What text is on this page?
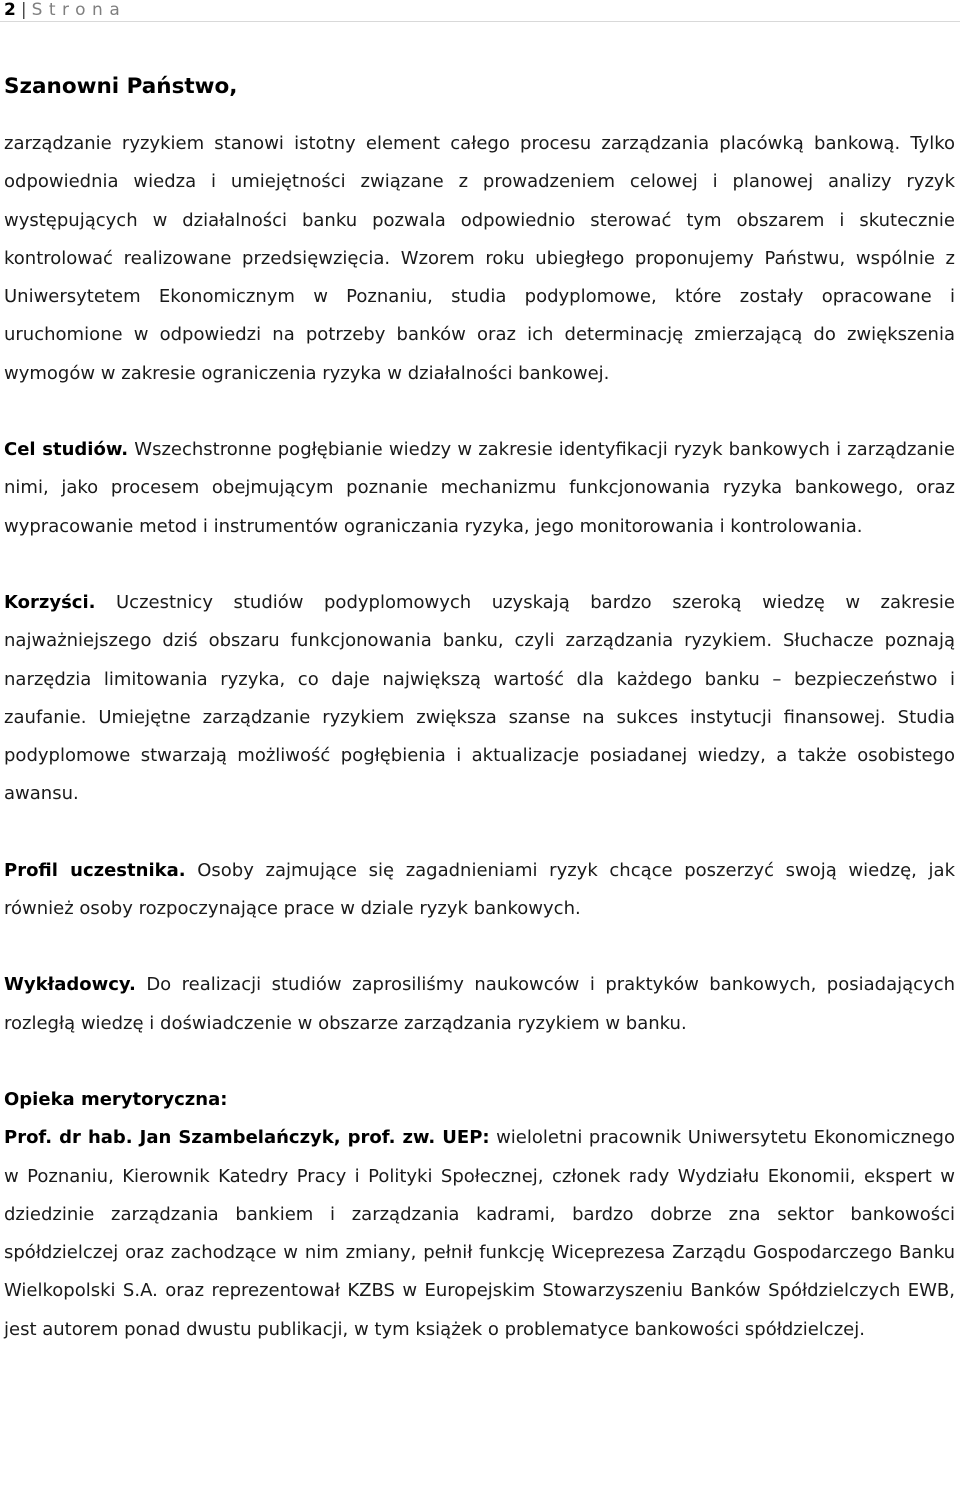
2 | Strona
Szanowni Państwo,

zarządzanie ryzykiem stanowi istotny element całego procesu zarządzania placówką bankową. Tylko odpowiednia wiedza i umiejętności związane z prowadzeniem celowej i planowej analizy ryzyk występujących w działalności banku pozwala odpowiednio sterować tym obszarem i skutecznie kontrolować realizowane przedsięwzięcia. Wzorem roku ubiegłego proponujemy Państwu, wspólnie z Uniwersytetem Ekonomicznym w Poznaniu, studia podyplomowe, które zostały opracowane i uruchomione w odpowiedzi na potrzeby banków oraz ich determinację zmierzającą do zwiększenia wymogów w zakresie ograniczenia ryzyka w działalności bankowej.

Cel studiów. Wszechstronne pogłębianie wiedzy w zakresie identyfikacji ryzyk bankowych i zarządzanie nimi, jako procesem obejmującym poznanie mechanizmu funkcjonowania ryzyka bankowego, oraz wypracowanie metod i instrumentów ograniczania ryzyka, jego monitorowania i kontrolowania.

Korzyści. Uczestnicy studiów podyplomowych uzyskają bardzo szeroką wiedzę w zakresie najważniejszego dziś obszaru funkcjonowania banku, czyli zarządzania ryzykiem. Słuchacze poznają narzędzia limitowania ryzyka, co daje największą wartość dla każdego banku – bezpieczeństwo i zaufanie. Umiejętne zarządzanie ryzykiem zwiększa szanse na sukces instytucji finansowej. Studia podyplomowe stwarzają możliwość pogłębienia i aktualizacje posiadanej wiedzy, a także osobistego awansu.

Profil uczestnika. Osoby zajmujące się zagadnieniami ryzyk chcące poszerzyć swoją wiedzę, jak również osoby rozpoczynające prace w dziale ryzyk bankowych.

Wykładowcy. Do realizacji studiów zaprosiliśmy naukowców i praktyków bankowych, posiadających rozległą wiedzę i doświadczenie w obszarze zarządzania ryzykiem w banku.

Opieka merytoryczna:

Prof. dr hab. Jan Szambelańczyk, prof. zw. UEP: wieloletni pracownik Uniwersytetu Ekonomicznego w Poznaniu, Kierownik Katedry Pracy i Polityki Społecznej, członek rady Wydziału Ekonomii, ekspert w dziedzinie zarządzania bankiem i zarządzania kadrami, bardzo dobrze zna sektor bankowości spółdzielczej oraz zachodzące w nim zmiany, pełnił funkcję Wiceprezesa Zarządu Gospodarczego Banku Wielkopolski S.A. oraz reprezentował KZBS w Europejskim Stowarzyszeniu Banków Spółdzielczych EWB, jest autorem ponad dwustu publikacji, w tym książek o problematyce bankowości spółdzielczej.
